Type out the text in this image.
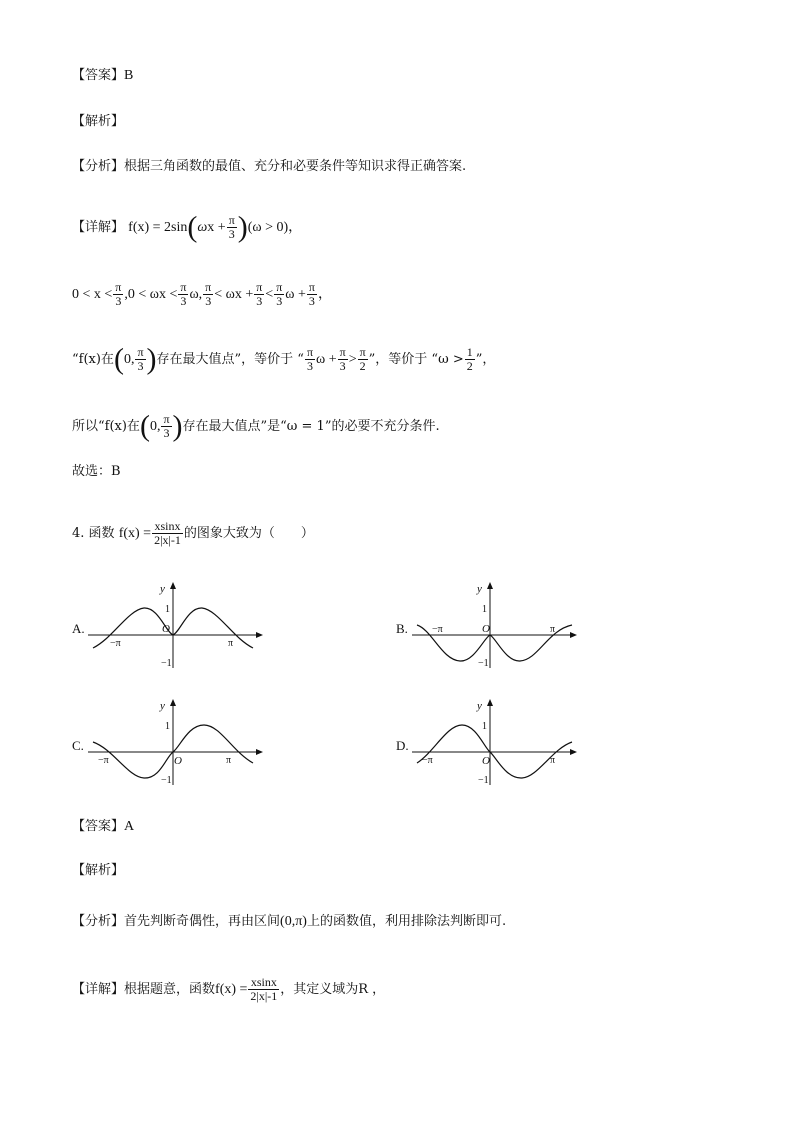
【答案】B
【解析】
【分析】根据三角函数的最值、充分和必要条件等知识求得正确答案.
【详解】 $f(x) = 2\sin(\omega x + \frac{\pi}{3} )(\omega > 0)$，
$0 < x < \frac{\pi}{3} ,0 < \omega x < \frac{\pi}{3} \omega$, $\frac{\pi}{3} < \omega x + \frac{\pi}{3} < \frac{\pi}{3}$ $\omega + \frac{\pi}{3}$ ，
“f(x)在(0, $\frac{\pi}{3}$ )存在最大值点”，等价于 “ $\frac{\pi}{3}$ $\omega + \frac{\pi}{3} > \frac{\pi}{2}$ ”，等价于 “$\omega > \frac{1}{2}$ ”，
所以“f(x)在(0, $\frac{\pi}{3}$ )存在最大值点”是“ω = 1”的必要不充分条件.
故选：B
4. 函数 $f(x) = \frac{xsinx}{2|x|-1}$ 的图象大致为（　　）
A.	B.
C.	D.
y
1
−1
O
−π	π
y
1
−1
O
−π	π
y
1
−1
O
−π	π
y
1
−1
O
−π	π
【答案】A
【解析】
【分析】首先判断奇偶性，再由区间(0,π)上的函数值，利用排除法判断即可.
【详解】根据题意，函数$f(x) = \frac{xsinx}{2|x|-1}$ ，其定义域为R ，
